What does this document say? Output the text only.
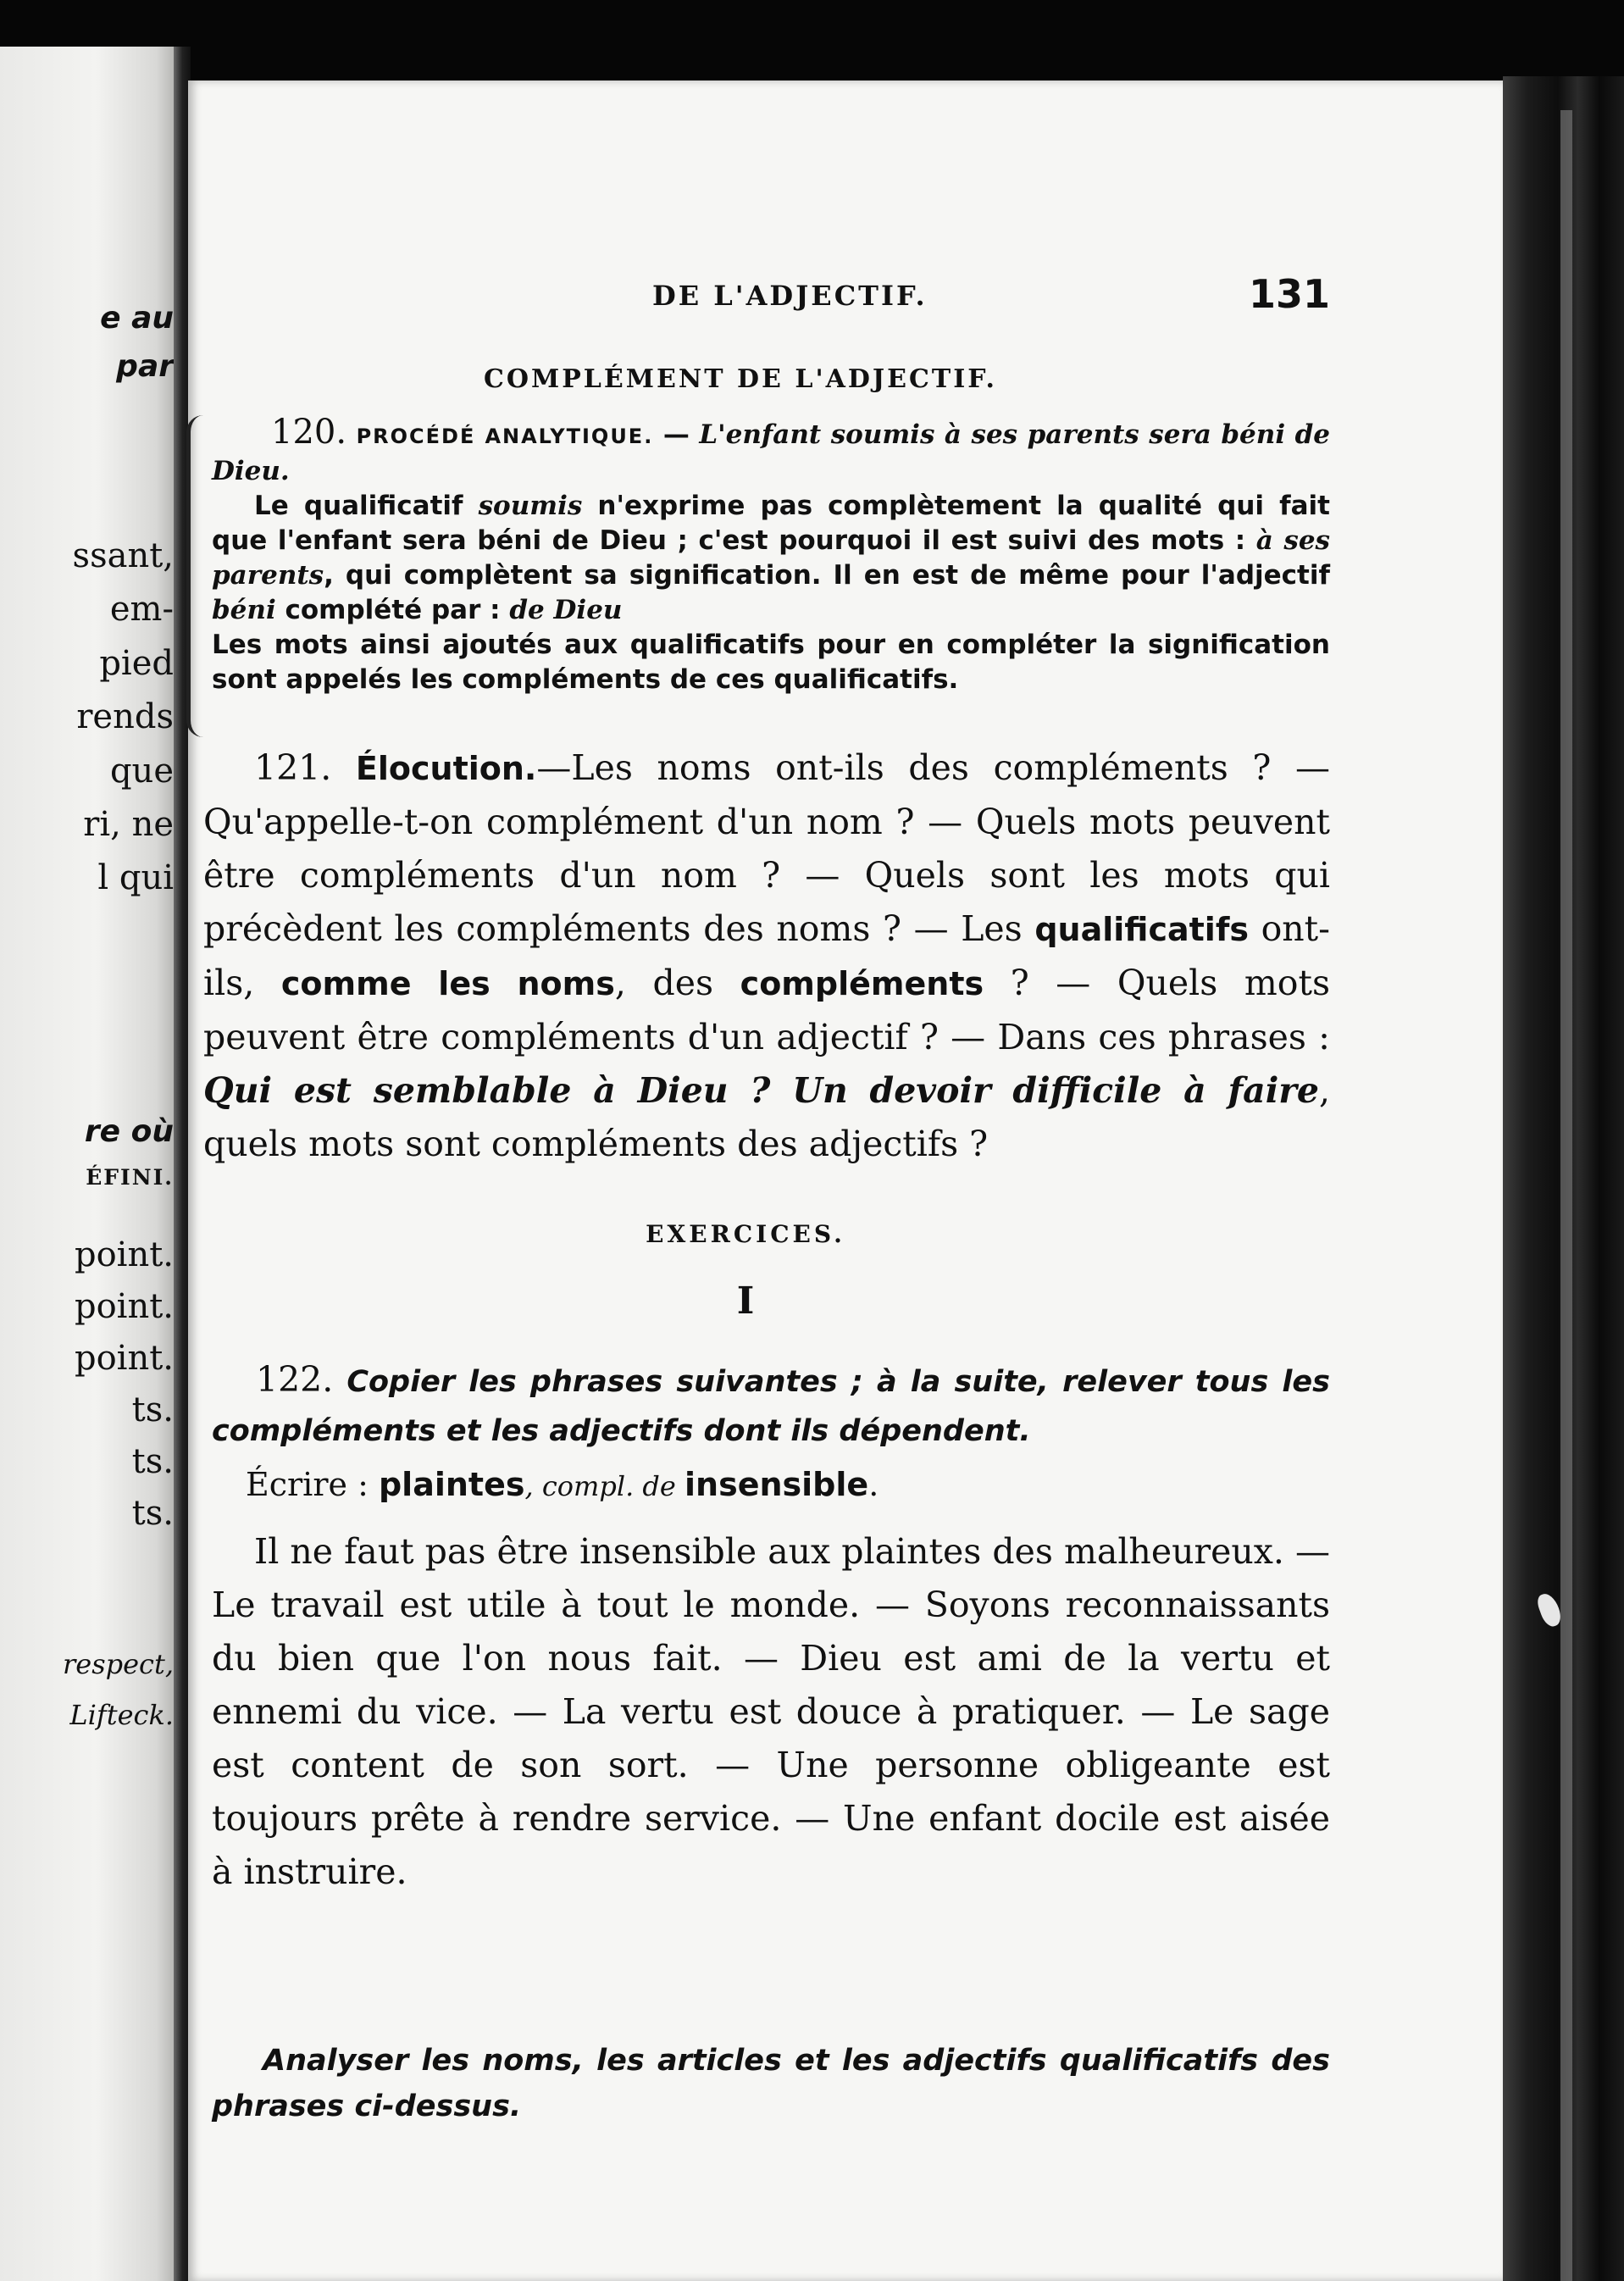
e au
par
ssant,
em-
pied
rends
que
ri, ne
l qui
re où
ÉFINI.
point.
point.
point.
ts.
ts.
ts.
respect,
Lifteck.
DE L'ADJECTIF.	131
COMPLÉMENT DE L'ADJECTIF.

120. PROCÉDÉ ANALYTIQUE. — L'enfant soumis à ses parents sera béni de Dieu.

Le qualificatif soumis n'exprime pas complètement la qualité qui fait que l'enfant sera béni de Dieu ; c'est pourquoi il est suivi des mots : à ses parents, qui complètent sa signification. Il en est de même pour l'adjectif béni complété par : de Dieu

Les mots ainsi ajoutés aux qualificatifs pour en compléter la signification sont appelés les compléments de ces qualificatifs.

121. Élocution.—Les noms ont-ils des compléments ? — Qu'appelle-t-on complément d'un nom ? — Quels mots peuvent être compléments d'un nom ? — Quels sont les mots qui précèdent les compléments des noms ? — Les qualificatifs ont-ils, comme les noms, des compléments ? — Quels mots peuvent être compléments d'un adjectif ? — Dans ces phrases : Qui est semblable à Dieu ? Un devoir difficile à faire, quels mots sont compléments des adjectifs ?
EXERCICES.
I
122. Copier les phrases suivantes ; à la suite, relever tous les compléments et les adjectifs dont ils dépendent.
Écrire : plaintes, compl. de insensible.
Il ne faut pas être insensible aux plaintes des malheureux. — Le travail est utile à tout le monde. — Soyons reconnaissants du bien que l'on nous fait. — Dieu est ami de la vertu et ennemi du vice. — La vertu est douce à pratiquer. — Le sage est content de son sort. — Une personne obligeante est toujours prête à rendre service. — Une enfant docile est aisée à instruire.
Analyser les noms, les articles et les adjectifs qualificatifs des phrases ci-dessus.
